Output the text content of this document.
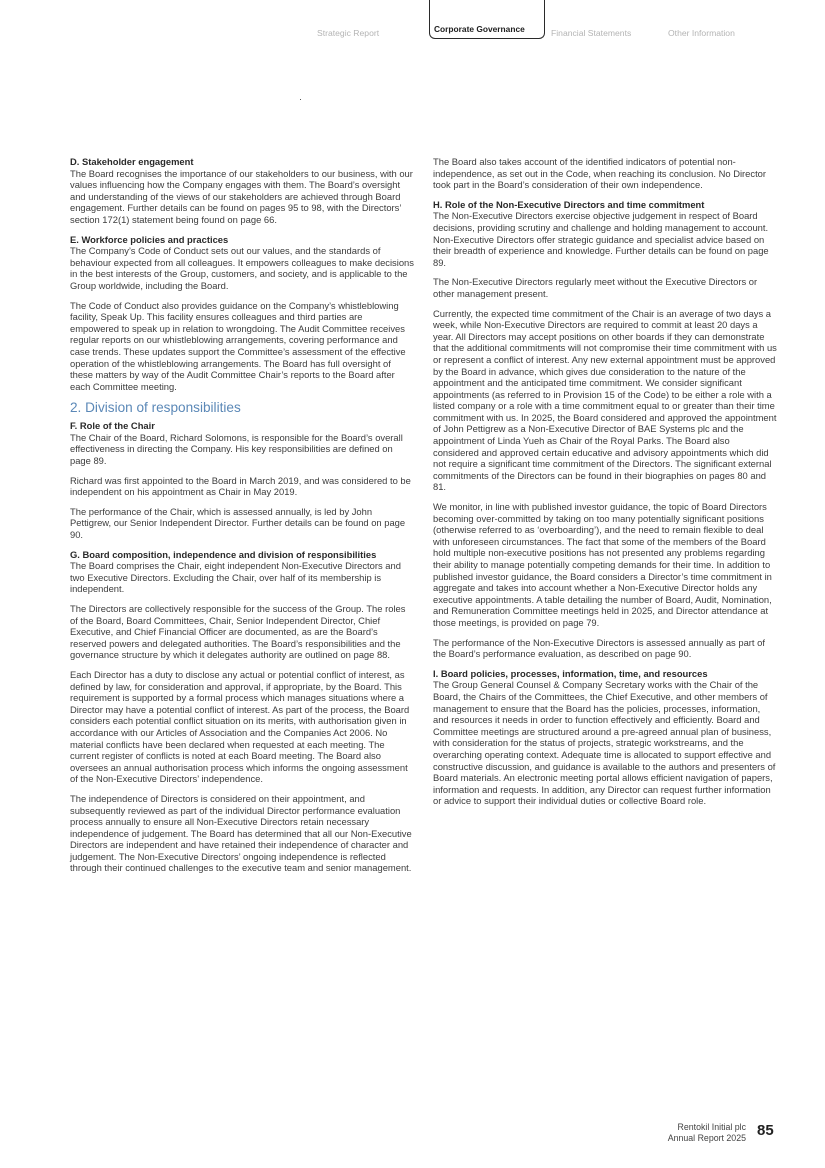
Strategic Report	Corporate Governance	Financial Statements	Other Information

D. Stakeholder engagement

The Board recognises the importance of our stakeholders to our business, with our values influencing how the Company engages with them. The Board’s oversight and understanding of the views of our stakeholders are achieved through Board engagement. Further details can be found on pages 95 to 98, with the Directors’ section 172(1) statement being found on page 66.

E. Workforce policies and practices

The Company’s Code of Conduct sets out our values, and the standards of behaviour expected from all colleagues. It empowers colleagues to make decisions in the best interests of the Group, customers, and society, and is applicable to the Group worldwide, including the Board.

The Code of Conduct also provides guidance on the Company’s whistleblowing facility, Speak Up. This facility ensures colleagues and third parties are empowered to speak up in relation to wrongdoing. The Audit Committee receives regular reports on our whistleblowing arrangements, covering performance and case trends. These updates support the Committee’s assessment of the effective operation of the whistleblowing arrangements. The Board has full oversight of these matters by way of the Audit Committee Chair’s reports to the Board after each Committee meeting.

2. Division of responsibilities

F. Role of the Chair

The Chair of the Board, Richard Solomons, is responsible for the Board’s overall effectiveness in directing the Company. His key responsibilities are defined on page 89.

Richard was first appointed to the Board in March 2019, and was considered to be independent on his appointment as Chair in May 2019.

The performance of the Chair, which is assessed annually, is led by John Pettigrew, our Senior Independent Director. Further details can be found on page 90.

G. Board composition, independence and division of responsibilities

The Board comprises the Chair, eight independent Non-Executive Directors and two Executive Directors. Excluding the Chair, over half of its membership is independent.

The Directors are collectively responsible for the success of the Group. The roles of the Board, Board Committees, Chair, Senior Independent Director, Chief Executive, and Chief Financial Officer are documented, as are the Board’s reserved powers and delegated authorities. The Board’s responsibilities and the governance structure by which it delegates authority are outlined on page 88.

Each Director has a duty to disclose any actual or potential conflict of interest, as defined by law, for consideration and approval, if appropriate, by the Board. This requirement is supported by a formal process which manages situations where a Director may have a potential conflict of interest. As part of the process, the Board considers each potential conflict situation on its merits, with authorisation given in accordance with our Articles of Association and the Companies Act 2006. No material conflicts have been declared when requested at each meeting. The current register of conflicts is noted at each Board meeting. The Board also oversees an annual authorisation process which informs the ongoing assessment of the Non-Executive Directors’ independence.

The independence of Directors is considered on their appointment, and subsequently reviewed as part of the individual Director performance evaluation process annually to ensure all Non-Executive Directors retain necessary independence of judgement. The Board has determined that all our Non-Executive Directors are independent and have retained their independence of character and judgement. The Non-Executive Directors’ ongoing independence is reflected through their continued challenges to the executive team and senior management.

The Board also takes account of the identified indicators of potential non-independence, as set out in the Code, when reaching its conclusion. No Director took part in the Board’s consideration of their own independence.

H. Role of the Non-Executive Directors and time commitment

The Non-Executive Directors exercise objective judgement in respect of Board decisions, providing scrutiny and challenge and holding management to account. Non-Executive Directors offer strategic guidance and specialist advice based on their breadth of experience and knowledge. Further details can be found on page 89.

The Non-Executive Directors regularly meet without the Executive Directors or other management present.

Currently, the expected time commitment of the Chair is an average of two days a week, while Non-Executive Directors are required to commit at least 20 days a year. All Directors may accept positions on other boards if they can demonstrate that the additional commitments will not compromise their time commitment with us or represent a conflict of interest. Any new external appointment must be approved by the Board in advance, which gives due consideration to the nature of the appointment and the anticipated time commitment. We consider significant appointments (as referred to in Provision 15 of the Code) to be either a role with a listed company or a role with a time commitment equal to or greater than their time commitment with us. In 2025, the Board considered and approved the appointment of John Pettigrew as a Non-Executive Director of BAE Systems plc and the appointment of Linda Yueh as Chair of the Royal Parks. The Board also considered and approved certain educative and advisory appointments which did not require a significant time commitment of the Directors. The significant external commitments of the Directors can be found in their biographies on pages 80 and 81.

We monitor, in line with published investor guidance, the topic of Board Directors becoming over-committed by taking on too many potentially significant positions (otherwise referred to as ‘overboarding’), and the need to remain flexible to deal with unforeseen circumstances. The fact that some of the members of the Board hold multiple non-executive positions has not presented any problems regarding their ability to manage potentially competing demands for their time. In addition to published investor guidance, the Board considers a Director’s time commitment in aggregate and takes into account whether a Non-Executive Director holds any executive appointments. A table detailing the number of Board, Audit, Nomination, and Remuneration Committee meetings held in 2025, and Director attendance at those meetings, is provided on page 79.

The performance of the Non-Executive Directors is assessed annually as part of the Board’s performance evaluation, as described on page 90.

I. Board policies, processes, information, time, and resources

The Group General Counsel & Company Secretary works with the Chair of the Board, the Chairs of the Committees, the Chief Executive, and other members of management to ensure that the Board has the policies, processes, information, and resources it needs in order to function effectively and efficiently. Board and Committee meetings are structured around a pre-agreed annual plan of business, with consideration for the status of projects, strategic workstreams, and the overarching operating context. Adequate time is allocated to support effective and constructive discussion, and guidance is available to the authors and presenters of Board materials. An electronic meeting portal allows efficient navigation of papers, information and requests. In addition, any Director can request further information or advice to support their individual duties or collective Board role.

Rentokil Initial plc
Annual Report 2025 85
